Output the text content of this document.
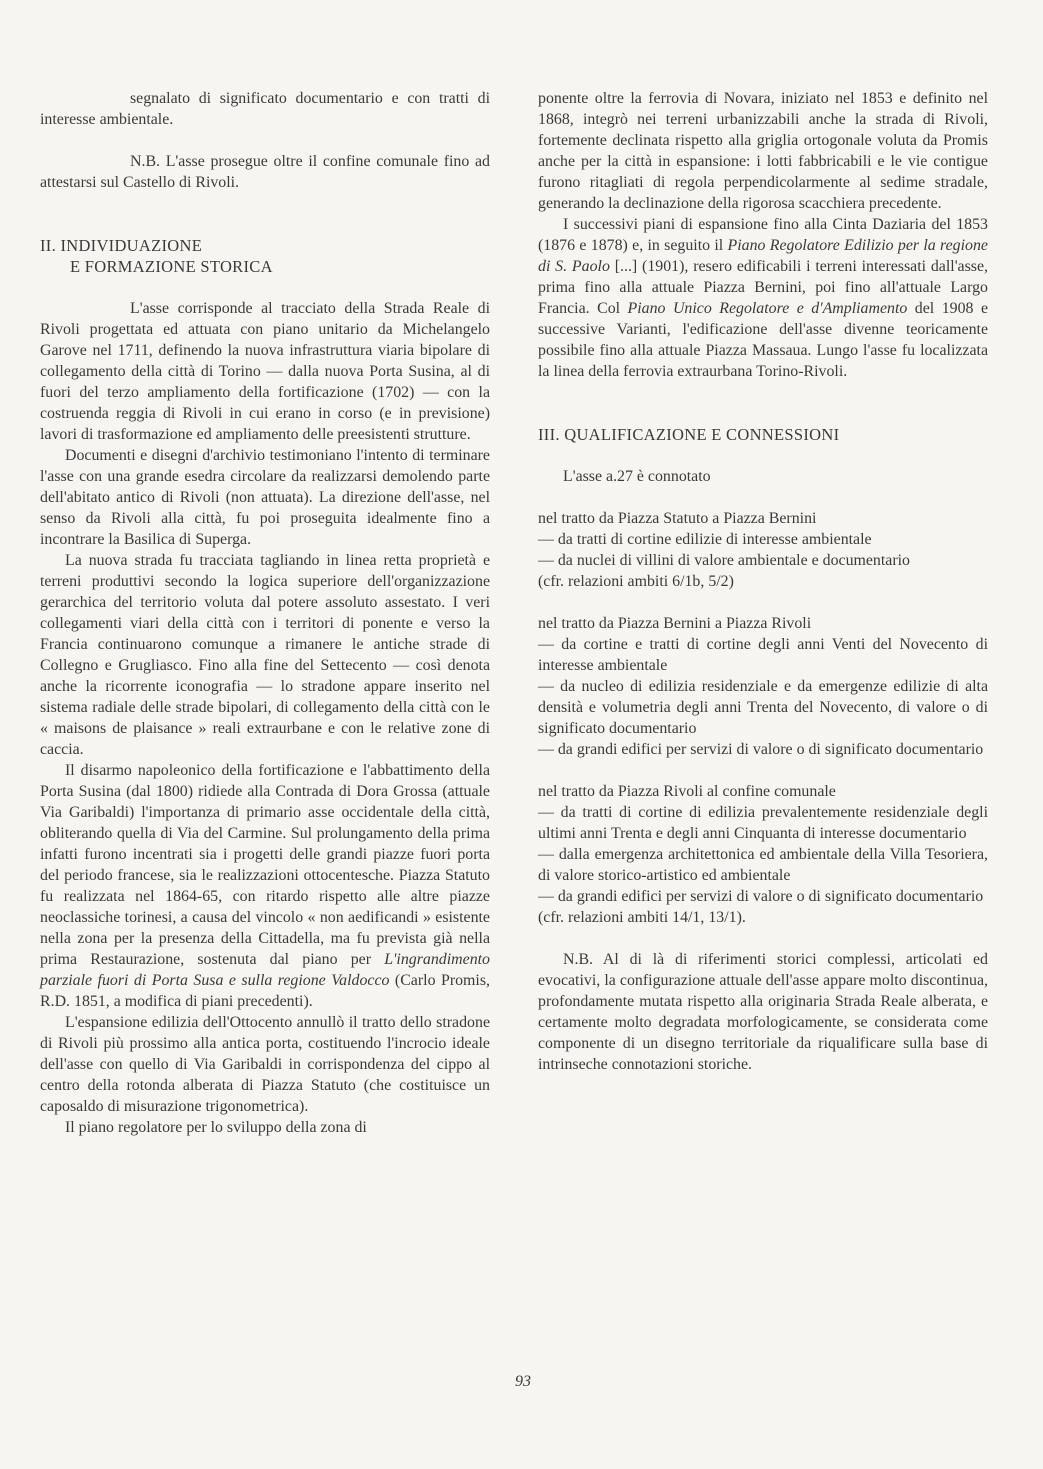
segnalato di significato documentario e con tratti di interesse ambientale.

N.B. L'asse prosegue oltre il confine comunale fino ad attestarsi sul Castello di Rivoli.

II. INDIVIDUAZIONE

E FORMAZIONE STORICA

L'asse corrisponde al tracciato della Strada Reale di Rivoli progettata ed attuata con piano unitario da Michelangelo Garove nel 1711, definendo la nuova infrastruttura viaria bipolare di collegamento della città di Torino — dalla nuova Porta Susina, al di fuori del terzo ampliamento della fortificazione (1702) — con la costruenda reggia di Rivoli in cui erano in corso (e in previsione) lavori di trasformazione ed ampliamento delle preesistenti strutture.

Documenti e disegni d'archivio testimoniano l'intento di terminare l'asse con una grande esedra circolare da realizzarsi demolendo parte dell'abitato antico di Rivoli (non attuata). La direzione dell'asse, nel senso da Rivoli alla città, fu poi proseguita idealmente fino a incontrare la Basilica di Superga.

La nuova strada fu tracciata tagliando in linea retta proprietà e terreni produttivi secondo la logica superiore dell'organizzazione gerarchica del territorio voluta dal potere assoluto assestato. I veri collegamenti viari della città con i territori di ponente e verso la Francia continuarono comunque a rimanere le antiche strade di Collegno e Grugliasco. Fino alla fine del Settecento — così denota anche la ricorrente iconografia — lo stradone appare inserito nel sistema radiale delle strade bipolari, di collegamento della città con le « maisons de plaisance » reali extraurbane e con le relative zone di caccia.

Il disarmo napoleonico della fortificazione e l'abbattimento della Porta Susina (dal 1800) ridiede alla Contrada di Dora Grossa (attuale Via Garibaldi) l'importanza di primario asse occidentale della città, obliterando quella di Via del Carmine. Sul prolungamento della prima infatti furono incentrati sia i progetti delle grandi piazze fuori porta del periodo francese, sia le realizzazioni ottocentesche. Piazza Statuto fu realizzata nel 1864-65, con ritardo rispetto alle altre piazze neoclassiche torinesi, a causa del vincolo « non aedificandi » esistente nella zona per la presenza della Cittadella, ma fu prevista già nella prima Restaurazione, sostenuta dal piano per L'ingrandimento parziale fuori di Porta Susa e sulla regione Valdocco (Carlo Promis, R.D. 1851, a modifica di piani precedenti).

L'espansione edilizia dell'Ottocento annullò il tratto dello stradone di Rivoli più prossimo alla antica porta, costituendo l'incrocio ideale dell'asse con quello di Via Garibaldi in corrispondenza del cippo al centro della rotonda alberata di Piazza Statuto (che costituisce un caposaldo di misurazione trigonometrica).

Il piano regolatore per lo sviluppo della zona di

ponente oltre la ferrovia di Novara, iniziato nel 1853 e definito nel 1868, integrò nei terreni urbanizzabili anche la strada di Rivoli, fortemente declinata rispetto alla griglia ortogonale voluta da Promis anche per la città in espansione: i lotti fabbricabili e le vie contigue furono ritagliati di regola perpendicolarmente al sedime stradale, generando la declinazione della rigorosa scacchiera precedente.

I successivi piani di espansione fino alla Cinta Daziaria del 1853 (1876 e 1878) e, in seguito il Piano Regolatore Edilizio per la regione di S. Paolo [...] (1901), resero edificabili i terreni interessati dall'asse, prima fino alla attuale Piazza Bernini, poi fino all'attuale Largo Francia. Col Piano Unico Regolatore e d'Ampliamento del 1908 e successive Varianti, l'edificazione dell'asse divenne teoricamente possibile fino alla attuale Piazza Massaua. Lungo l'asse fu localizzata la linea della ferrovia extraurbana Torino-Rivoli.

III. QUALIFICAZIONE E CONNESSIONI

L'asse a.27 è connotato

nel tratto da Piazza Statuto a Piazza Bernini

— da tratti di cortine edilizie di interesse ambientale

— da nuclei di villini di valore ambientale e documentario

(cfr. relazioni ambiti 6/1b, 5/2)

nel tratto da Piazza Bernini a Piazza Rivoli

— da cortine e tratti di cortine degli anni Venti del Novecento di interesse ambientale

— da nucleo di edilizia residenziale e da emergenze edilizie di alta densità e volumetria degli anni Trenta del Novecento, di valore o di significato documentario

— da grandi edifici per servizi di valore o di significato documentario

nel tratto da Piazza Rivoli al confine comunale

— da tratti di cortine di edilizia prevalentemente residenziale degli ultimi anni Trenta e degli anni Cinquanta di interesse documentario

— dalla emergenza architettonica ed ambientale della Villa Tesoriera, di valore storico-artistico ed ambientale

— da grandi edifici per servizi di valore o di significato documentario

(cfr. relazioni ambiti 14/1, 13/1).

N.B. Al di là di riferimenti storici complessi, articolati ed evocativi, la configurazione attuale dell'asse appare molto discontinua, profondamente mutata rispetto alla originaria Strada Reale alberata, e certamente molto degradata morfologicamente, se considerata come componente di un disegno territoriale da riqualificare sulla base di intrinseche connotazioni storiche.

93
